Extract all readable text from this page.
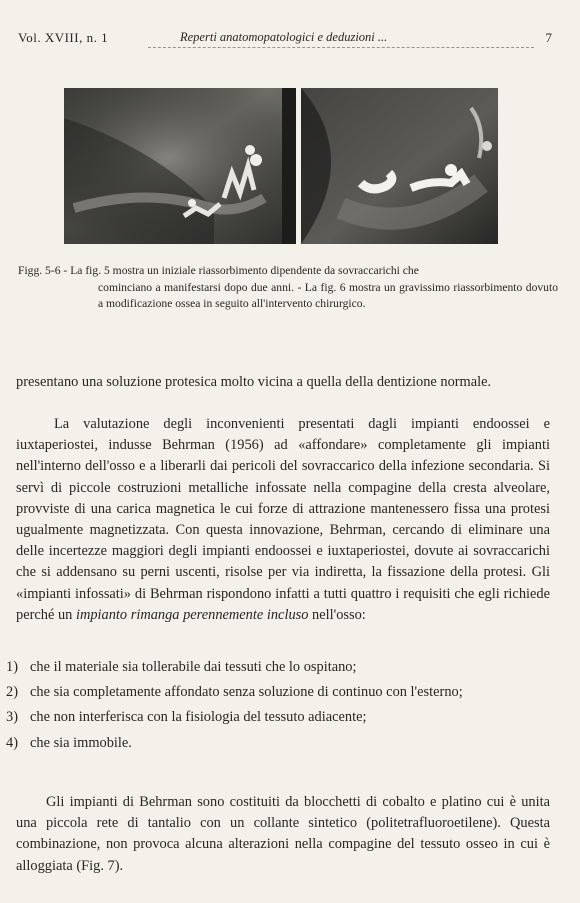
Vol. XVIII, n. 1	Reperti anatomopatologici e deduzioni ...	7
Figg. 5-6 - La fig. 5 mostra un iniziale riassorbimento dipendente da sovraccarichi che
cominciano a manifestarsi dopo due anni. - La fig. 6 mostra un gravissimo riassorbimento dovuto a modificazione ossea in seguito all'intervento chirurgico.
presentano una soluzione protesica molto vicina a quella della dentizione normale.
La valutazione degli inconvenienti presentati dagli impianti endoossei e iuxtaperiostei, indusse Behrman (1956) ad «affondare» completamente gli impianti nell'interno dell'osso e a liberarli dai pericoli del sovraccarico della infezione secondaria. Si servì di piccole costruzioni metalliche infossate nella compagine della cresta alveolare, provviste di una carica magnetica le cui forze di attrazione mantenessero fissa una protesi ugualmente magnetizzata. Con questa innovazione, Behrman, cercando di eliminare una delle incertezze maggiori degli impianti endoossei e iuxtaperiostei, dovute ai sovraccarichi che si addensano su perni uscenti, risolse per via indiretta, la fissazione della protesi. Gli «impianti infossati» di Behrman rispondono infatti a tutti quattro i requisiti che egli richiede perché un impianto rimanga perennemente incluso nell'osso:
1) che il materiale sia tollerabile dai tessuti che lo ospitano;
2) che sia completamente affondato senza soluzione di continuo con l'esterno;
3) che non interferisca con la fisiologia del tessuto adiacente;
4) che sia immobile.
Gli impianti di Behrman sono costituiti da blocchetti di cobalto e platino cui è unita una piccola rete di tantalio con un collante sintetico (politetrafluoroetilene). Questa combinazione, non provoca alcuna alterazioni nella compagine del tessuto osseo in cui è alloggiata (Fig. 7).
